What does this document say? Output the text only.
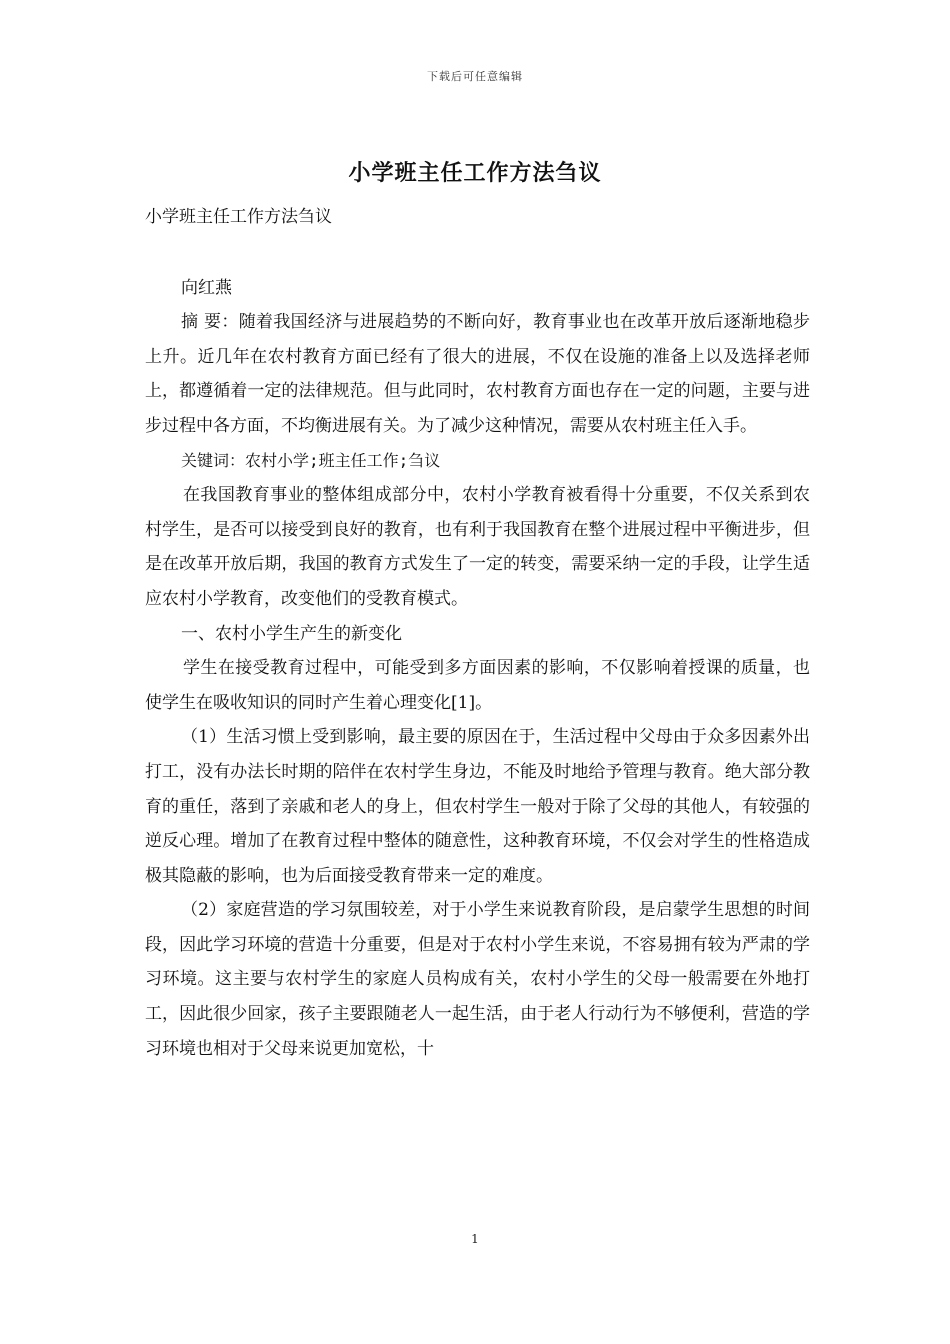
下载后可任意编辑
小学班主任工作方法刍议

小学班主任工作方法刍议

向红燕

摘 要：随着我国经济与进展趋势的不断向好，教育事业也在改革开放后逐渐地稳步上升。近几年在农村教育方面已经有了很大的进展，不仅在设施的准备上以及选择老师上，都遵循着一定的法律规范。但与此同时，农村教育方面也存在一定的问题，主要与进步过程中各方面，不均衡进展有关。为了减少这种情况，需要从农村班主任入手。

关键词：农村小学;班主任工作;刍议

在我国教育事业的整体组成部分中，农村小学教育被看得十分重要，不仅关系到农村学生，是否可以接受到良好的教育，也有利于我国教育在整个进展过程中平衡进步，但是在改革开放后期，我国的教育方式发生了一定的转变，需要采纳一定的手段，让学生适应农村小学教育，改变他们的受教育模式。

一、农村小学生产生的新变化

学生在接受教育过程中，可能受到多方面因素的影响，不仅影响着授课的质量，也使学生在吸收知识的同时产生着心理变化[1]。

（1）生活习惯上受到影响，最主要的原因在于，生活过程中父母由于众多因素外出打工，没有办法长时期的陪伴在农村学生身边，不能及时地给予管理与教育。绝大部分教育的重任，落到了亲戚和老人的身上，但农村学生一般对于除了父母的其他人，有较强的逆反心理。增加了在教育过程中整体的随意性，这种教育环境，不仅会对学生的性格造成极其隐蔽的影响，也为后面接受教育带来一定的难度。

（2）家庭营造的学习氛围较差，对于小学生来说教育阶段，是启蒙学生思想的时间段，因此学习环境的营造十分重要，但是对于农村小学生来说，不容易拥有较为严肃的学习环境。这主要与农村学生的家庭人员构成有关，农村小学生的父母一般需要在外地打工，因此很少回家，孩子主要跟随老人一起生活，由于老人行动行为不够便利，营造的学习环境也相对于父母来说更加宽松，十

1
